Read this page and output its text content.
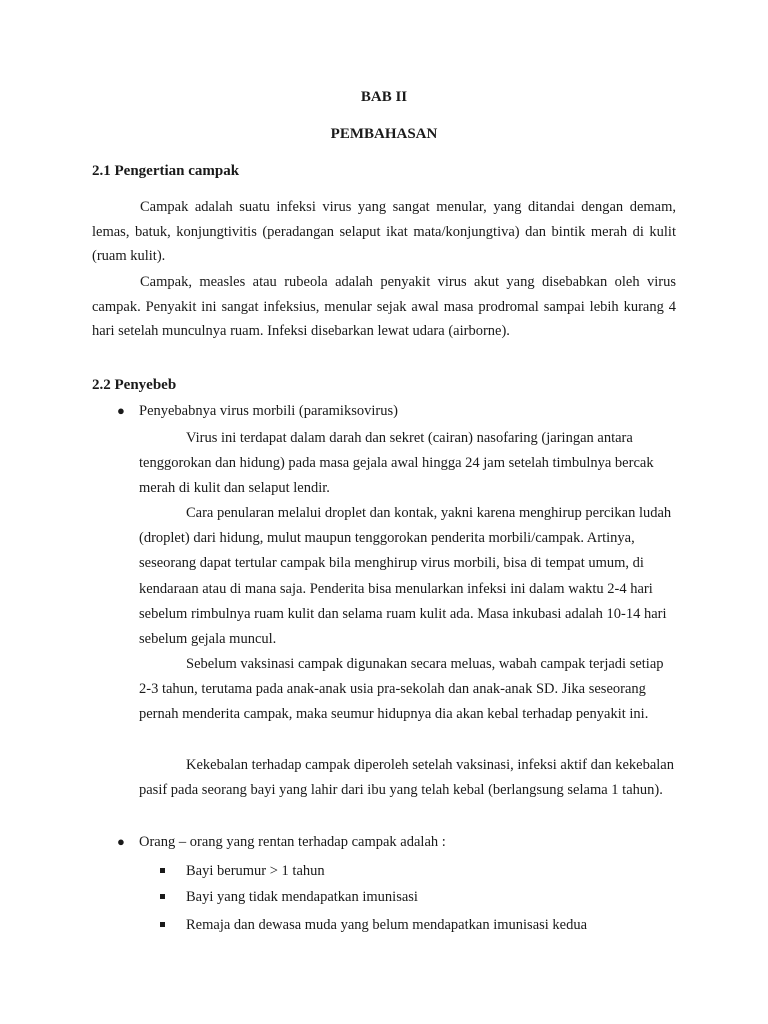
BAB II
PEMBAHASAN
2.1 Pengertian campak

Campak adalah suatu infeksi virus yang sangat menular, yang ditandai dengan demam, lemas, batuk, konjungtivitis (peradangan selaput ikat mata/konjungtiva) dan bintik merah di kulit (ruam kulit).

Campak, measles atau rubeola adalah penyakit virus akut yang disebabkan oleh virus campak. Penyakit ini sangat infeksius, menular sejak awal masa prodromal sampai lebih kurang 4 hari setelah munculnya ruam. Infeksi disebarkan lewat udara (airborne).

2.2 Penyebeb
● Penyebabnya virus morbili (paramiksovirus)

Virus ini terdapat dalam darah dan sekret (cairan) nasofaring (jaringan antara tenggorokan dan hidung) pada masa gejala awal hingga 24 jam setelah timbulnya bercak merah di kulit dan selaput lendir.

Cara penularan melalui droplet dan kontak, yakni karena menghirup percikan ludah (droplet) dari hidung, mulut maupun tenggorokan penderita morbili/campak. Artinya, seseorang dapat tertular campak bila menghirup virus morbili, bisa di tempat umum, di kendaraan atau di mana saja. Penderita bisa menularkan infeksi ini dalam waktu 2-4 hari sebelum rimbulnya ruam kulit dan selama ruam kulit ada. Masa inkubasi adalah 10-14 hari sebelum gejala muncul.

Sebelum vaksinasi campak digunakan secara meluas, wabah campak terjadi setiap 2-3 tahun, terutama pada anak-anak usia pra-sekolah dan anak-anak SD. Jika seseorang pernah menderita campak, maka seumur hidupnya dia akan kebal terhadap penyakit ini.

Kekebalan terhadap campak diperoleh setelah vaksinasi, infeksi aktif dan kekebalan pasif pada seorang bayi yang lahir dari ibu yang telah kebal (berlangsung selama 1 tahun).

● Orang – orang yang rentan terhadap campak adalah :
Bayi berumur > 1 tahun
Bayi yang tidak mendapatkan imunisasi
Remaja dan dewasa muda yang belum mendapatkan imunisasi kedua
